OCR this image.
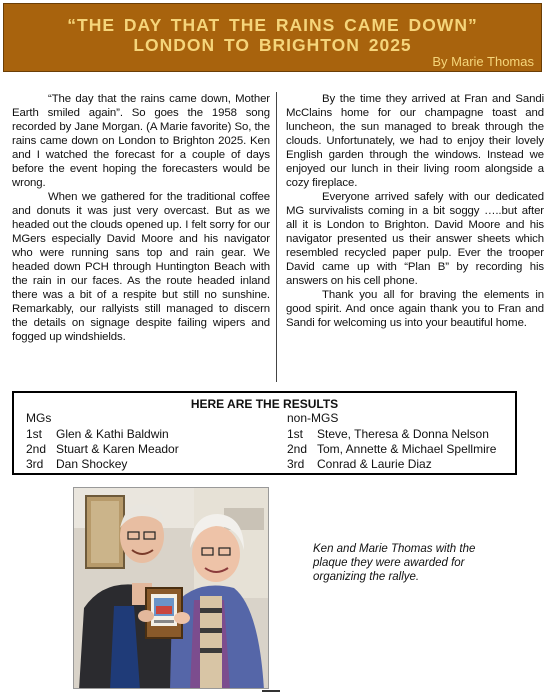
“THE DAY THAT THE RAINS CAME DOWN”
LONDON TO BRIGHTON 2025
By Marie Thomas

“The day that the rains came down, Mother Earth smiled again”. So goes the 1958 song recorded by Jane Morgan. (A Marie favorite) So, the rains came down on London to Brighton 2025. Ken and I watched the forecast for a couple of days before the event hoping the forecasters would be wrong.

When we gathered for the traditional coffee and donuts it was just very overcast. But as we headed out the clouds opened up. I felt sorry for our MGers especially David Moore and his navigator who were running sans top and rain gear. We headed down PCH through Huntington Beach with the rain in our faces. As the route headed inland there was a bit of a respite but still no sunshine. Remarkably, our rallyists still managed to discern the details on signage despite failing wipers and fogged up windshields.

By the time they arrived at Fran and Sandi McClains home for our champagne toast and luncheon, the sun managed to break through the clouds. Unfortunately, we had to enjoy their lovely English garden through the windows. Instead we enjoyed our lunch in their living room alongside a cozy fireplace.

Everyone arrived safely with our dedicated MG survivalists coming in a bit soggy …..but after all it is London to Brighton. David Moore and his navigator presented us their answer sheets which resembled recycled paper pulp. Ever the trooper David came up with “Plan B” by recording his answers on his cell phone.

Thank you all for braving the elements in good spirit. And once again thank you to Fran and Sandi for welcoming us into your beautiful home.

HERE ARE THE RESULTS
MGs	non-MGS
1st Glen & Kathi Baldwin
2nd Stuart & Karen Meador
3rd Dan Shockey
1st Steve, Theresa & Donna Nelson
2nd Tom, Annette & Michael Spellmire
3rd Conrad & Laurie Diaz
Ken and Marie Thomas with the plaque they were awarded for organizing the rallye.
